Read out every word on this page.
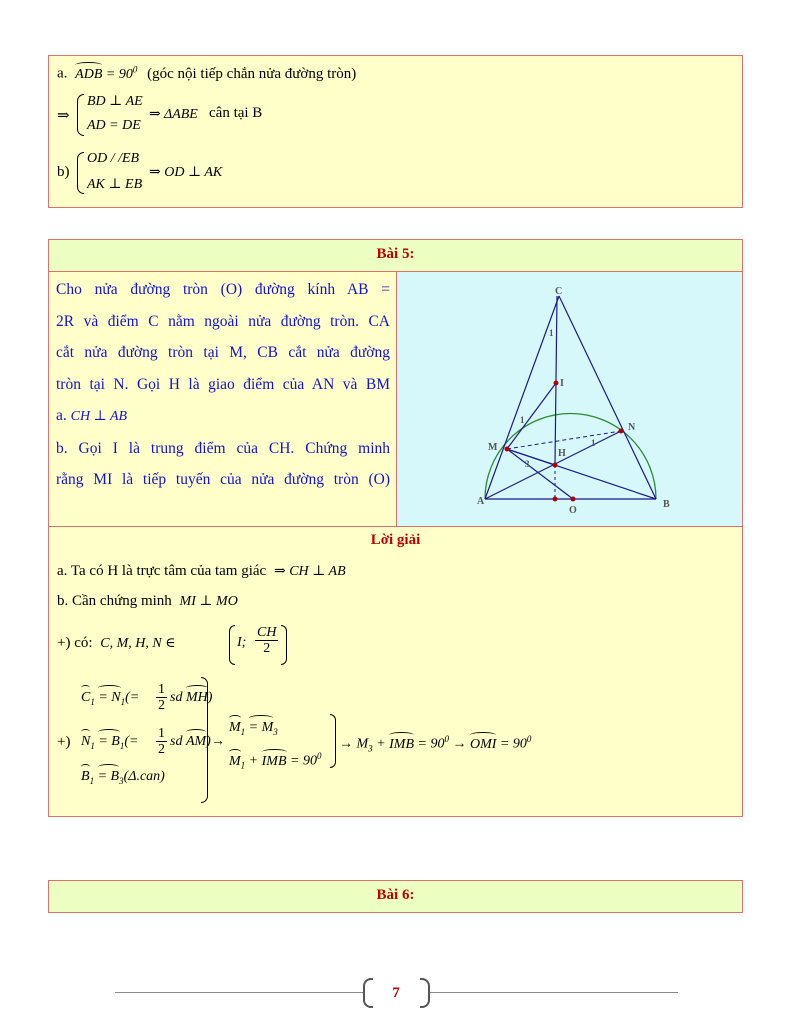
a. ADB = $90^0$ (góc nội tiếp chắn nửa đường tròn)
⇒
BD ⊥ AE
AD = DE
⇒ ΔABE cân tại B
b)
OD / /EB
AK ⊥ EB
⇒ OD ⊥ AK
Bài 5:
Cho nửa đường tròn (O) đường kính AB =
2R và điểm C nằm ngoài nửa đường tròn. CA
cắt nửa đường tròn tại M, CB cắt nửa đường
tròn tại N. Gọi H là giao điểm của AN và BM
a. CH ⊥ AB
b. Gọi I là trung điểm của CH. Chứng minh
rằng MI là tiếp tuyến của nửa đường tròn (O)
C
I
M
N
H
A	B
O
1
1
1
3
Lời giải
a. Ta có H là trực tâm của tam giác ⇒ CH ⊥ AB
b. Cần chứng minh MI ⊥ MO
+) có: C, M, H, N ∈	I; $\frac{CH}{2}$
+)
$C_1 = N_1(= \frac{1}{2}$ sd MH)
$N_1 = B_1(= \frac{1}{2}$ sd AM)
$B_1 = B_3(\Delta.can)$
→
$M_1 = M_3$
$M_1$ + IMB = $90^0$
→ $M_3$ + IMB = $90^0$ → OMI = $90^0$
Bài 6:
7
